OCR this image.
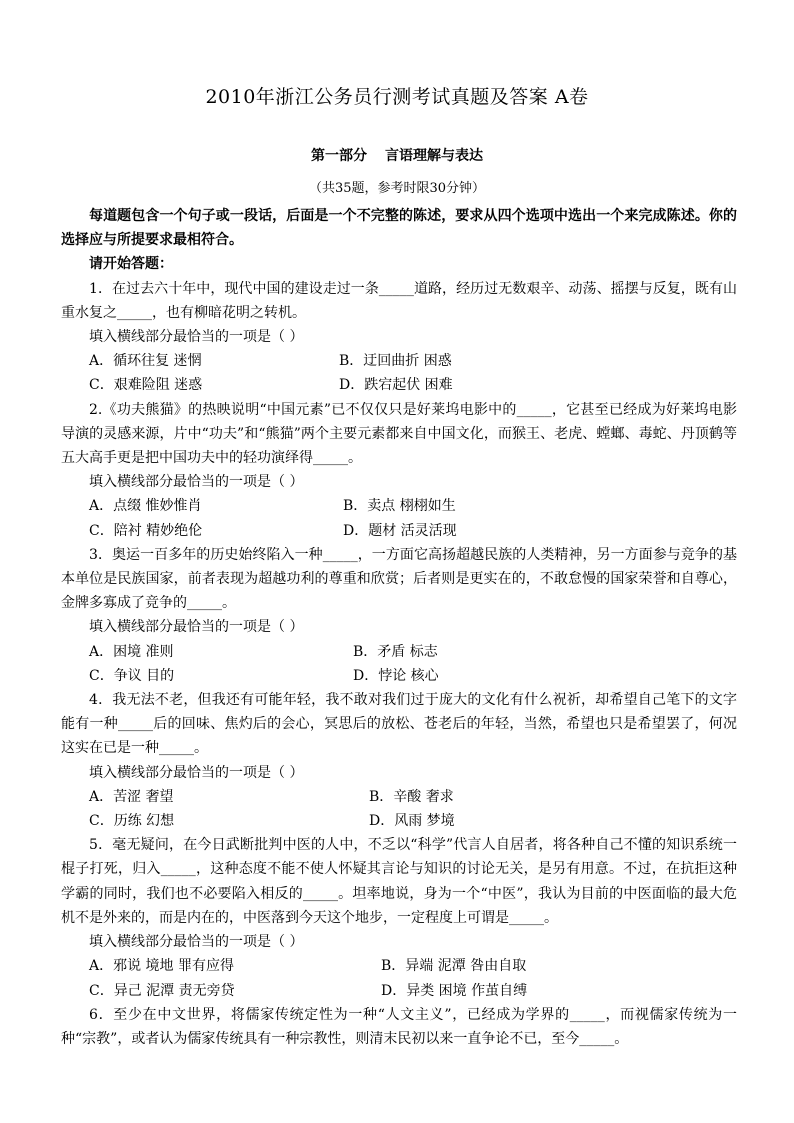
2010年浙江公务员行测考试真题及答案 A卷
第一部分 言语理解与表达
（共35题，参考时限30分钟）

每道题包含一个句子或一段话，后面是一个不完整的陈述，要求从四个选项中选出一个来完成陈述。你的选择应与所提要求最相符合。

请开始答题：

1．在过去六十年中，现代中国的建设走过一条_____道路，经历过无数艰辛、动荡、摇摆与反复，既有山重水复之_____，也有柳暗花明之转机。

填入横线部分最恰当的一项是（ ）

A．循环往复 迷惘	B．迂回曲折 困惑
C．艰难险阻 迷惑	D．跌宕起伏 困难

2.《功夫熊猫》的热映说明“中国元素”已不仅仅只是好莱坞电影中的_____，它甚至已经成为好莱坞电影导演的灵感来源，片中“功夫”和“熊猫”两个主要元素都来自中国文化，而猴王、老虎、螳螂、毒蛇、丹顶鹤等五大高手更是把中国功夫中的轻功演绎得_____。

填入横线部分最恰当的一项是（ ）

A．点缀 惟妙惟肖	B．卖点 栩栩如生
C．陪衬 精妙绝伦	D．题材 活灵活现

3．奥运一百多年的历史始终陷入一种_____，一方面它高扬超越民族的人类精神，另一方面参与竞争的基本单位是民族国家，前者表现为超越功利的尊重和欣赏；后者则是更实在的，不敢怠慢的国家荣誉和自尊心，金牌多寡成了竞争的_____。

填入横线部分最恰当的一项是（ ）

A．困境 准则	B．矛盾 标志
C．争议 目的	D．悖论 核心

4．我无法不老，但我还有可能年轻，我不敢对我们过于庞大的文化有什么祝祈，却希望自己笔下的文字能有一种_____后的回味、焦灼后的会心，冥思后的放松、苍老后的年轻，当然，希望也只是希望罢了，何况这实在已是一种_____。

填入横线部分最恰当的一项是（ ）

A．苦涩 奢望	B．辛酸 奢求
C．历练 幻想	D．风雨 梦境

5．毫无疑问，在今日武断批判中医的人中，不乏以“科学”代言人自居者，将各种自己不懂的知识系统一棍子打死，归入_____，这种态度不能不使人怀疑其言论与知识的讨论无关，是另有用意。不过，在抗拒这种学霸的同时，我们也不必要陷入相反的_____。坦率地说，身为一个“中医”，我认为目前的中医面临的最大危机不是外来的，而是内在的，中医落到今天这个地步，一定程度上可谓是_____。

填入横线部分最恰当的一项是（ ）

A．邪说 境地 罪有应得	B．异端 泥潭 咎由自取
C．异己 泥潭 责无旁贷	D．异类 困境 作茧自缚

6．至少在中文世界，将儒家传统定性为一种“人文主义”，已经成为学界的_____，而视儒家传统为一种“宗教”，或者认为儒家传统具有一种宗教性，则清末民初以来一直争论不已，至今_____。
